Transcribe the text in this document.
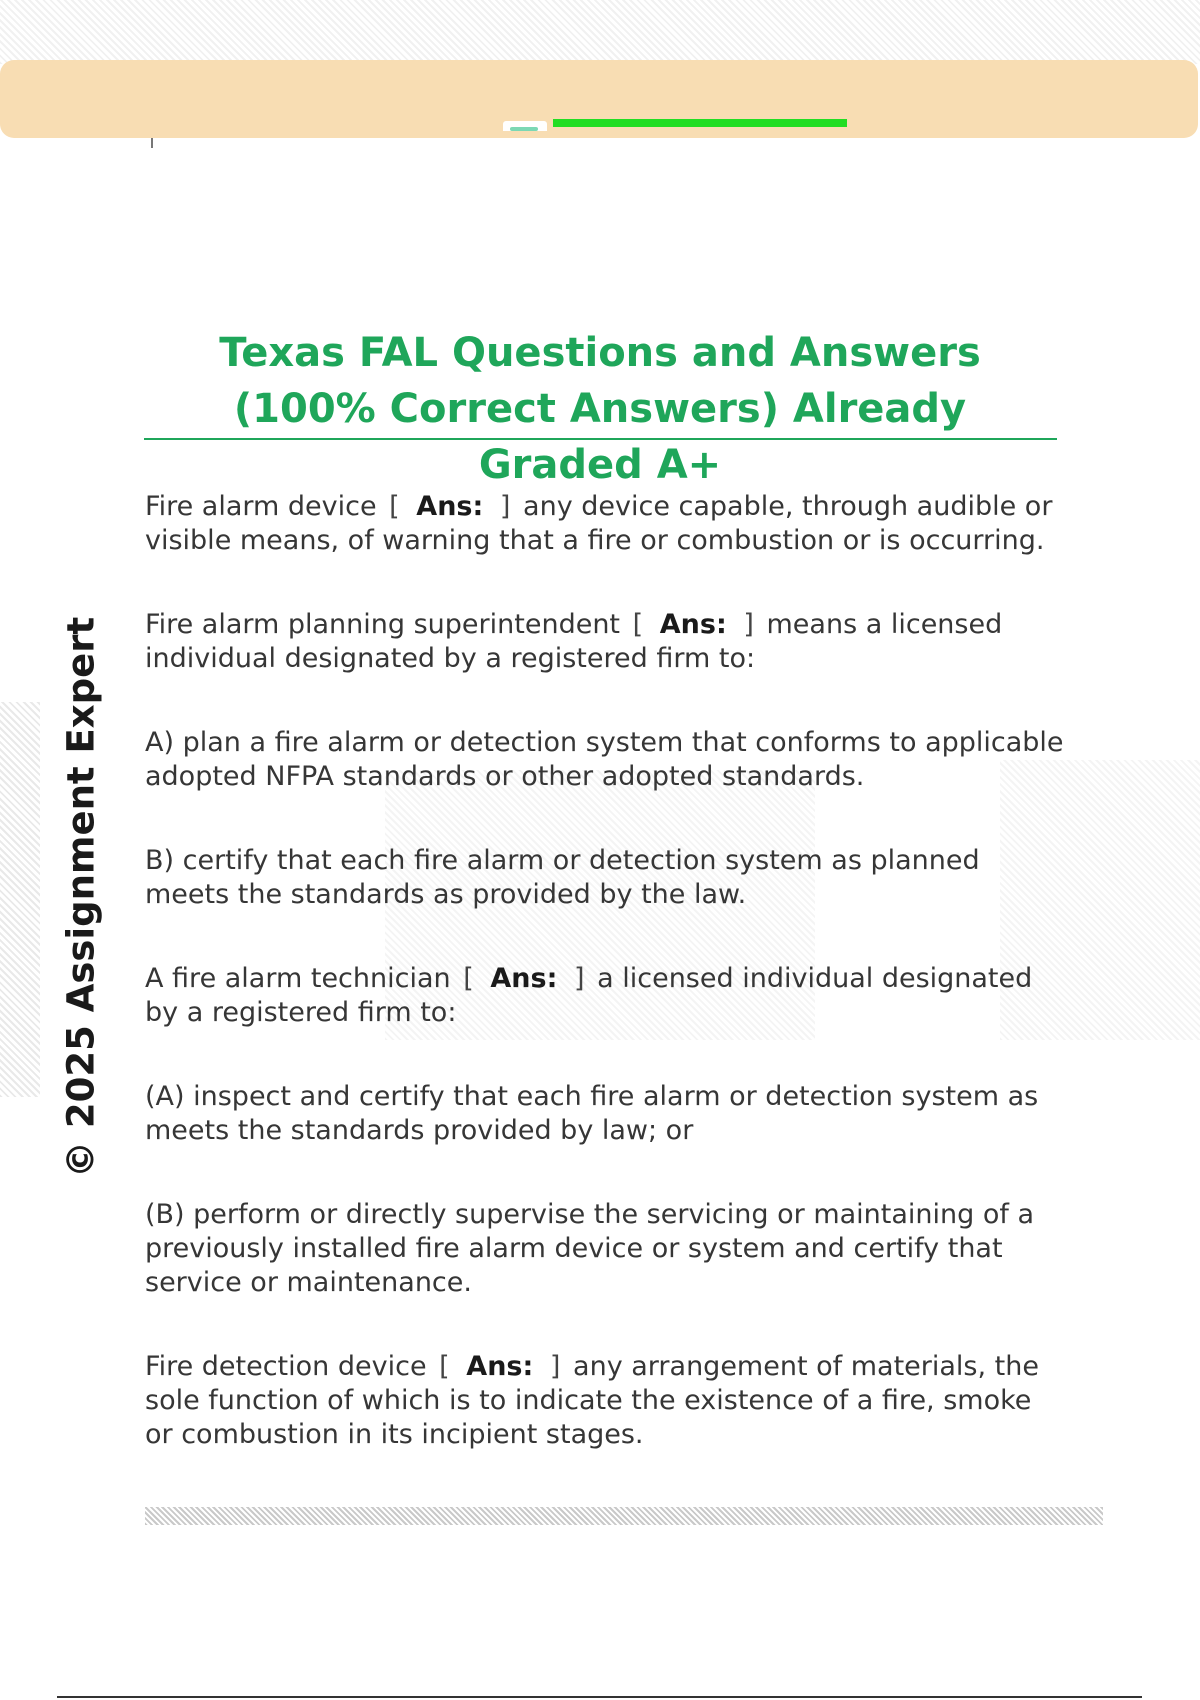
© 2025 Assignment Expert
Texas FAL Questions and Answers (100% Correct Answers) Already Graded A+

Fire alarm device [ Ans: ] any device capable, through audible or visible means, of warning that a fire or combustion or is occurring.

Fire alarm planning superintendent [ Ans: ] means a licensed individual designated by a registered firm to:

A) plan a fire alarm or detection system that conforms to applicable adopted NFPA standards or other adopted standards.

B) certify that each fire alarm or detection system as planned meets the standards as provided by the law.

A fire alarm technician [ Ans: ] a licensed individual designated by a registered firm to:

(A) inspect and certify that each fire alarm or detection system as meets the standards provided by law; or

(B) perform or directly supervise the servicing or maintaining of a previously installed fire alarm device or system and certify that service or maintenance.

Fire detection device [ Ans: ] any arrangement of materials, the sole function of which is to indicate the existence of a fire, smoke or combustion in its incipient stages.
